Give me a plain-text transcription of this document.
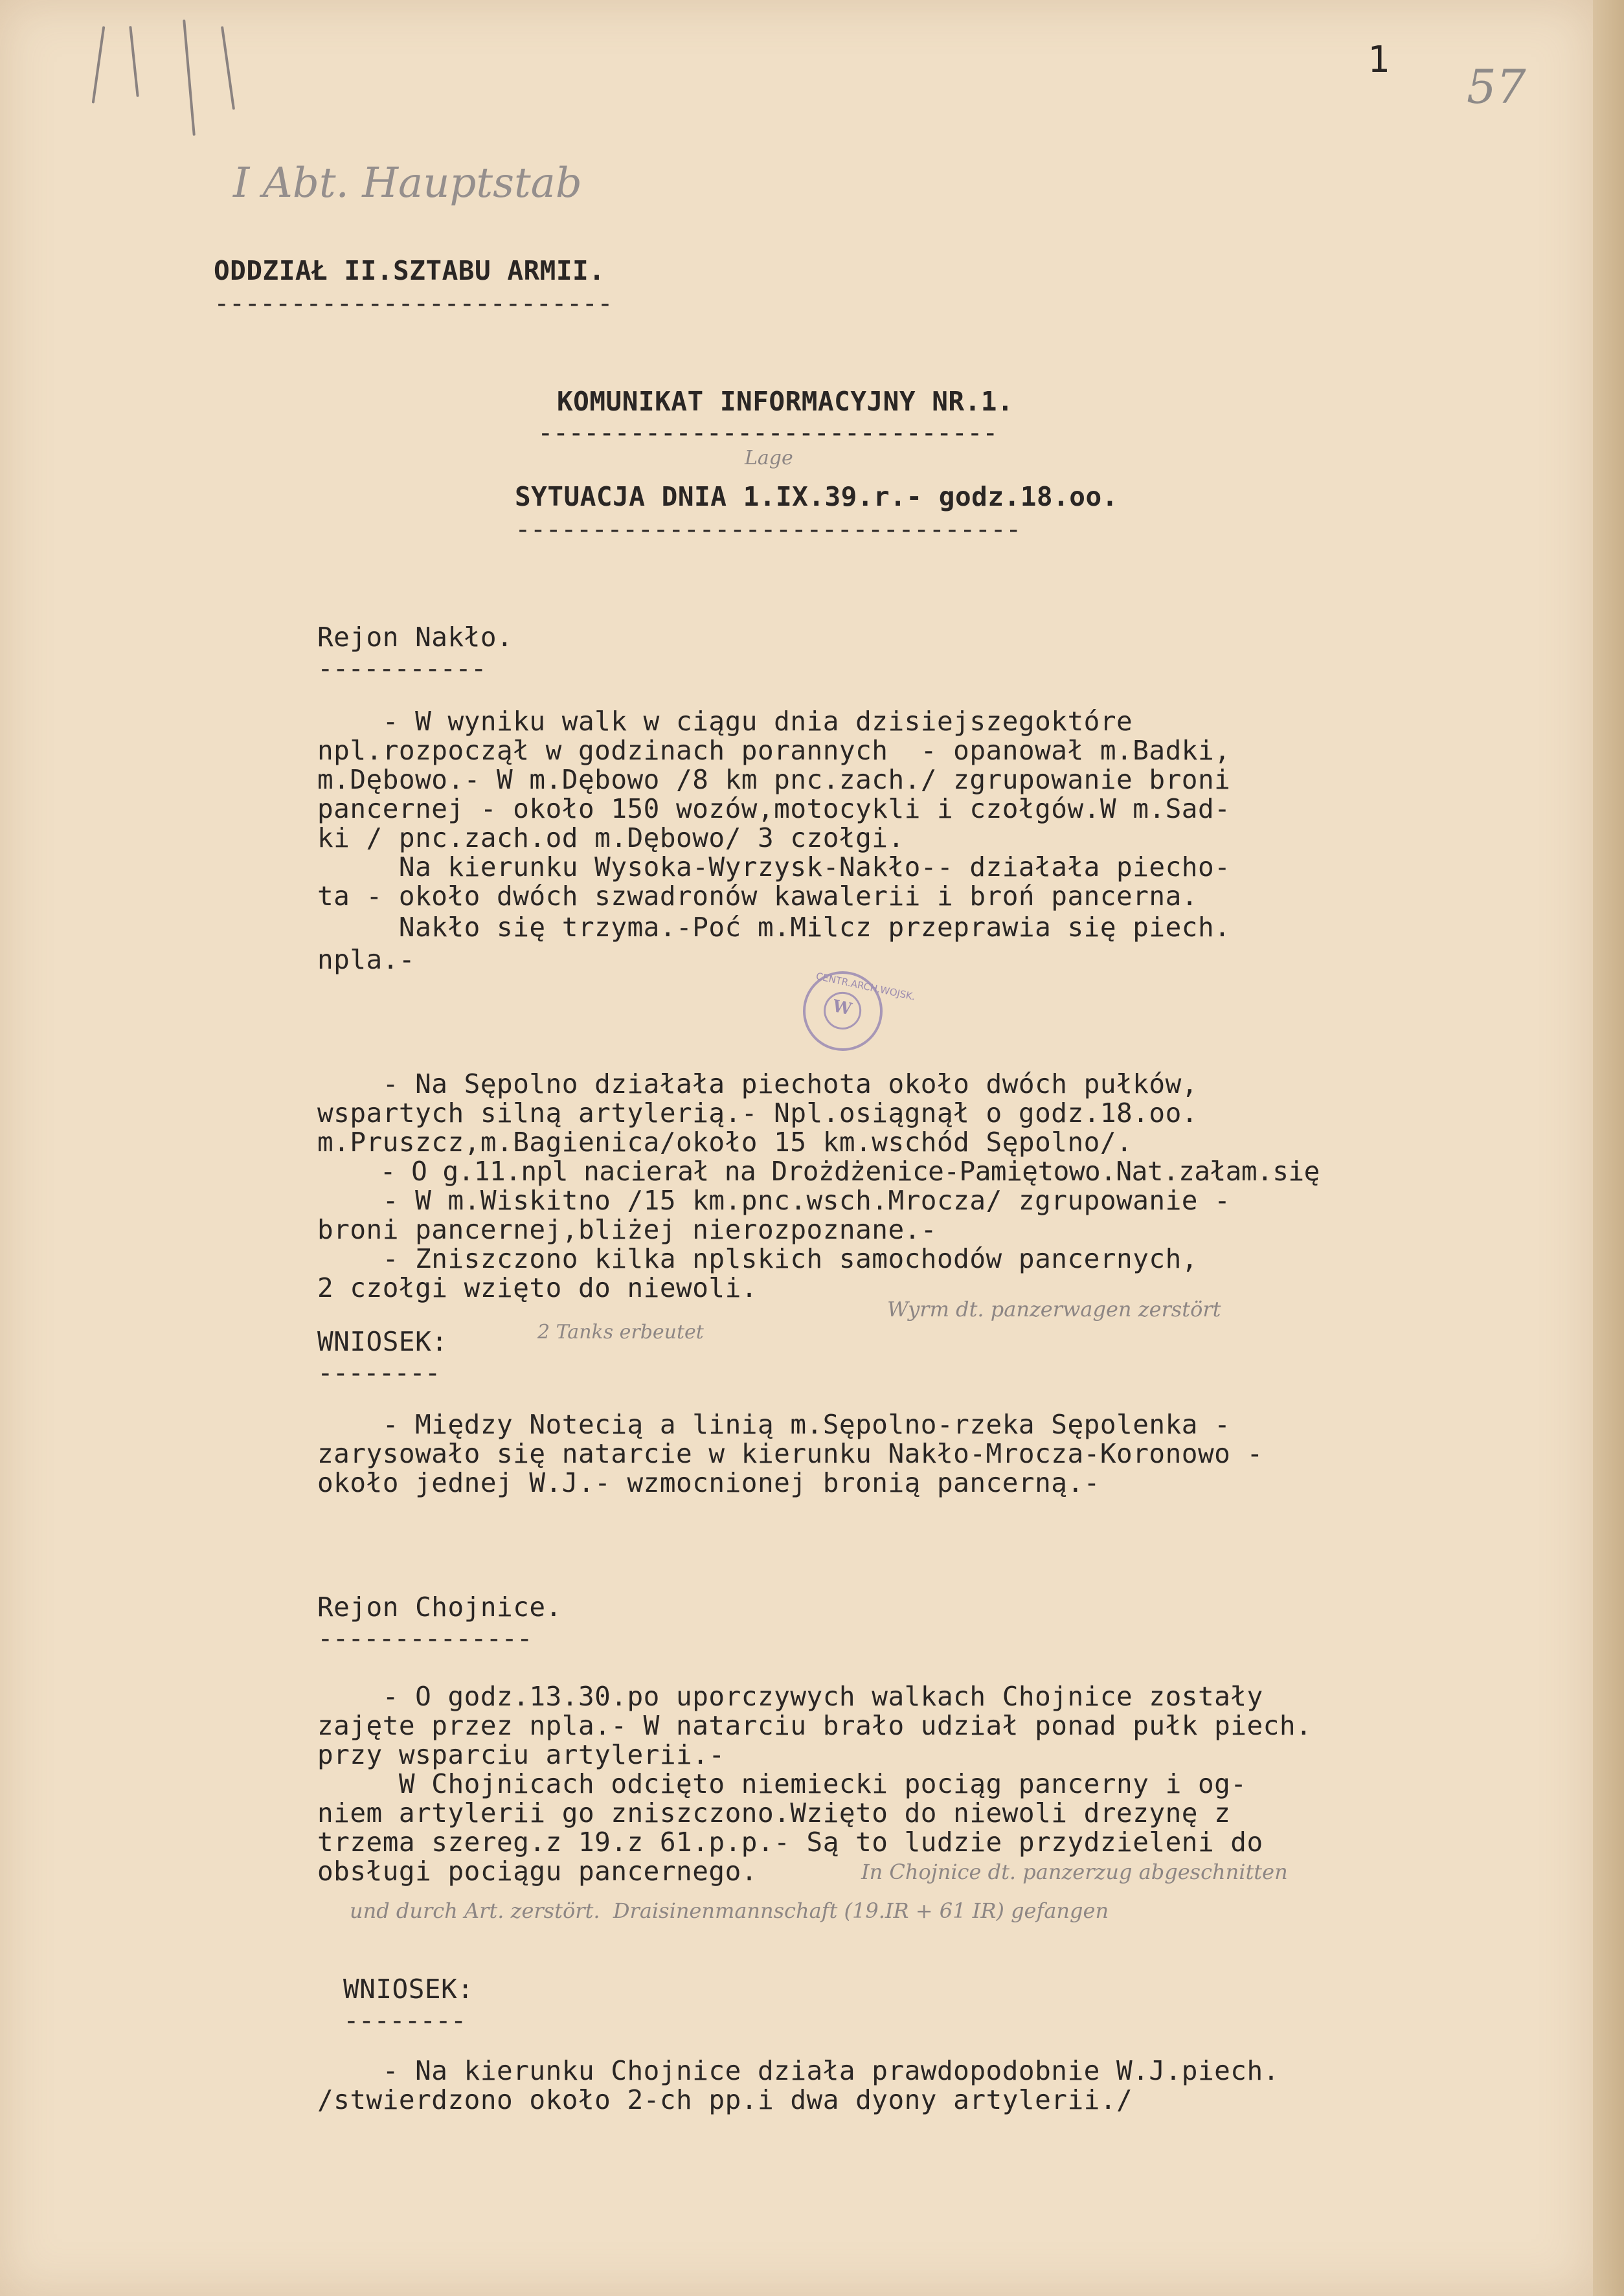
1 57
I Abt. Hauptstab
ODDZIAŁ II.SZTABU ARMII.
--------------------------
KOMUNIKAT INFORMACYJNY NR.1.
------------------------------
Lage
SYTUACJA DNIA 1.IX.39.r.- godz.18.oo.
---------------------------------
Rejon Nakło.
-----------
- W wyniku walk w ciągu dnia dzisiejszegoktóre
npl.rozpoczął w godzinach porannych  - opanował m.Badki,
m.Dębowo.- W m.Dębowo /8 km pnc.zach./ zgrupowanie broni
pancernej - około 150 wozów,motocykli i czołgów.W m.Sad-
ki / pnc.zach.od m.Dębowo/ 3 czołgi.
Na kierunku Wysoka-Wyrzysk-Nakło-- działała piecho-
ta - około dwóch szwadronów kawalerii i broń pancerna.
Nakło się trzyma.-Poć m.Milcz przeprawia się piech.
npla.-
CENTR.ARCH.WOJSK.
W
- Na Sępolno działała piechota około dwóch pułków,
wspartych silną artylerią.- Npl.osiągnął o godz.18.oo.
m.Pruszcz,m.Bagienica/około 15 km.wschód Sępolno/.
- O g.11.npl nacierał na Drożdżenice-Pamiętowo.Nat.załam.się
- W m.Wiskitno /15 km.pnc.wsch.Mrocza/ zgrupowanie -
broni pancernej,bliżej nierozpoznane.-
- Zniszczono kilka nplskich samochodów pancernych,
2 czołgi wzięto do niewoli.
Wyrm dt. panzerwagen zerstört
2 Tanks erbeutet
WNIOSEK:
--------
- Między Notecią a linią m.Sępolno-rzeka Sępolenka -
zarysowało się natarcie w kierunku Nakło-Mrocza-Koronowo -
około jednej W.J.- wzmocnionej bronią pancerną.-
Rejon Chojnice.
--------------
- O godz.13.30.po uporczywych walkach Chojnice zostały
zajęte przez npla.- W natarciu brało udział ponad pułk piech.
przy wsparciu artylerii.-
W Chojnicach odcięto niemiecki pociąg pancerny i og-
niem artylerii go zniszczono.Wzięto do niewoli drezynę z
trzema szereg.z 19.z 61.p.p.- Są to ludzie przydzieleni do
obsługi pociągu pancernego.	In Chojnice dt. panzerzug abgeschnitten
und durch Art. zerstört.  Draisinenmannschaft (19.IR + 61 IR) gefangen
WNIOSEK:
--------
- Na kierunku Chojnice działa prawdopodobnie W.J.piech.
/stwierdzono około 2-ch pp.i dwa dyony artylerii./
